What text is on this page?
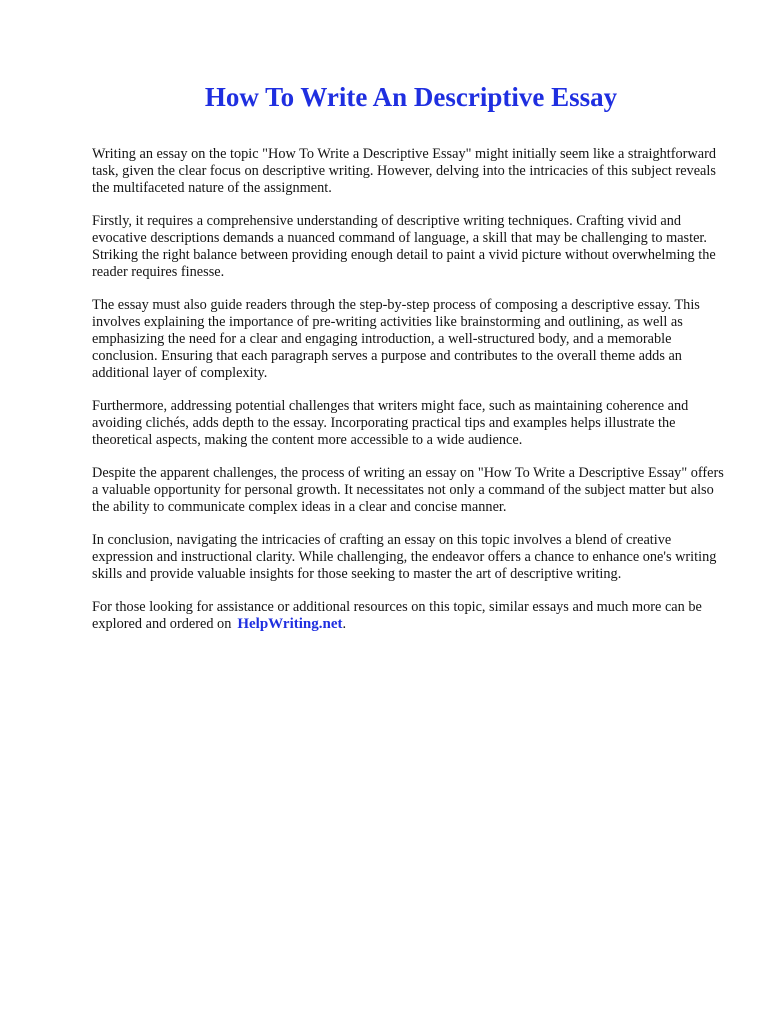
How To Write An Descriptive Essay

Writing an essay on the topic "How To Write a Descriptive Essay" might initially seem like a straightforward task, given the clear focus on descriptive writing. However, delving into the intricacies of this subject reveals the multifaceted nature of the assignment.

Firstly, it requires a comprehensive understanding of descriptive writing techniques. Crafting vivid and evocative descriptions demands a nuanced command of language, a skill that may be challenging to master. Striking the right balance between providing enough detail to paint a vivid picture without overwhelming the reader requires finesse.

The essay must also guide readers through the step-by-step process of composing a descriptive essay. This involves explaining the importance of pre-writing activities like brainstorming and outlining, as well as emphasizing the need for a clear and engaging introduction, a well-structured body, and a memorable conclusion. Ensuring that each paragraph serves a purpose and contributes to the overall theme adds an additional layer of complexity.

Furthermore, addressing potential challenges that writers might face, such as maintaining coherence and avoiding clichés, adds depth to the essay. Incorporating practical tips and examples helps illustrate the theoretical aspects, making the content more accessible to a wide audience.

Despite the apparent challenges, the process of writing an essay on "How To Write a Descriptive Essay" offers a valuable opportunity for personal growth. It necessitates not only a command of the subject matter but also the ability to communicate complex ideas in a clear and concise manner.

In conclusion, navigating the intricacies of crafting an essay on this topic involves a blend of creative expression and instructional clarity. While challenging, the endeavor offers a chance to enhance one's writing skills and provide valuable insights for those seeking to master the art of descriptive writing.

For those looking for assistance or additional resources on this topic, similar essays and much more can be explored and ordered on HelpWriting.net.
